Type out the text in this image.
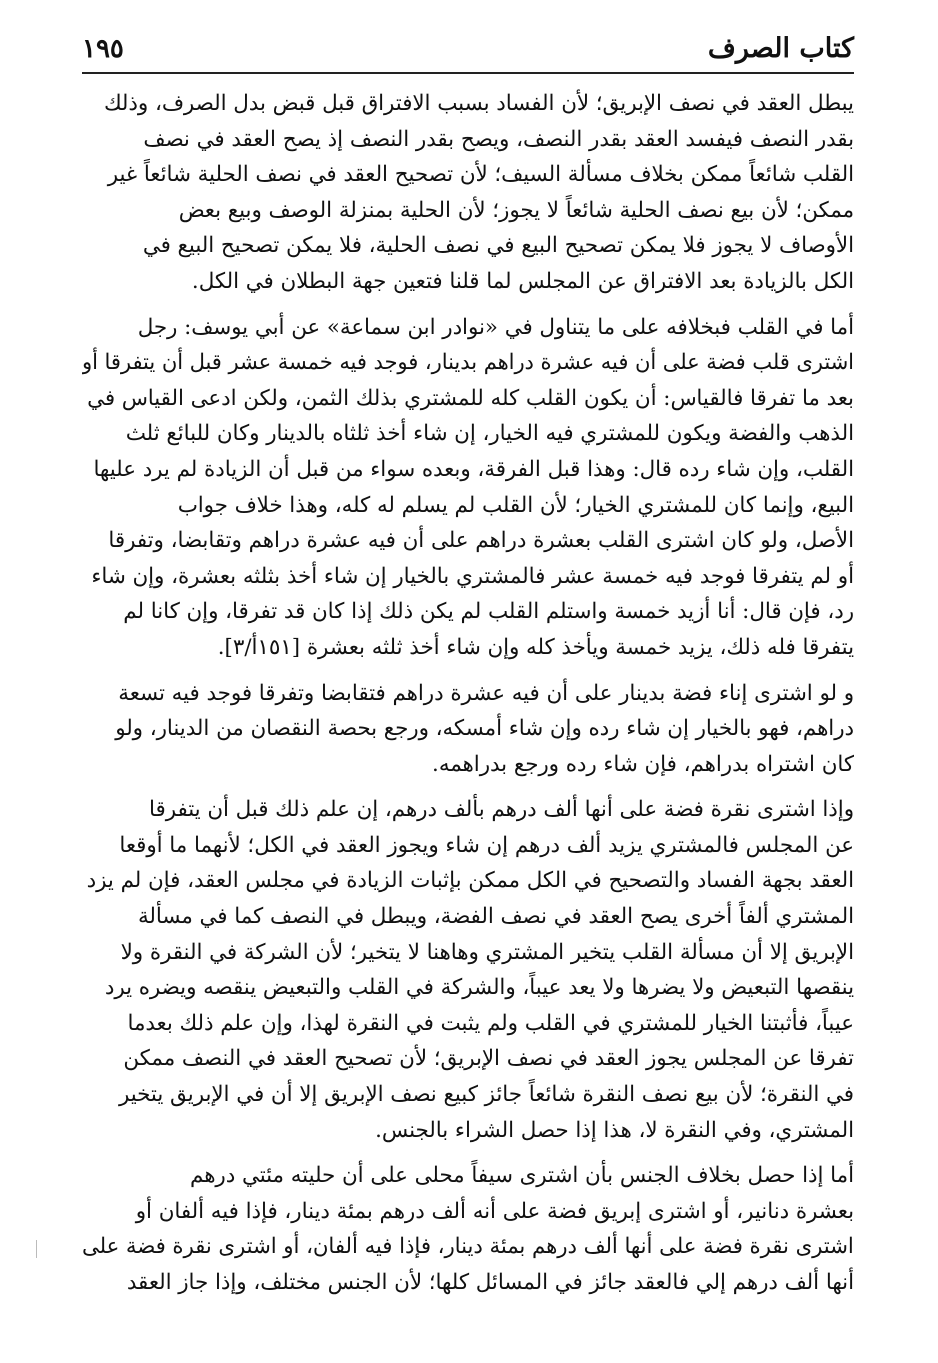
كتاب الصرف
١٩٥
يبطل العقد في نصف الإبريق؛ لأن الفساد بسبب الافتراق قبل قبض بدل الصرف، وذلك
بقدر النصف فيفسد العقد بقدر النصف، ويصح بقدر النصف إذ يصح العقد في نصف
القلب شائعاً ممكن بخلاف مسألة السيف؛ لأن تصحيح العقد في نصف الحلية شائعاً غير
ممكن؛ لأن بيع نصف الحلية شائعاً لا يجوز؛ لأن الحلية بمنزلة الوصف وبيع بعض
الأوصاف لا يجوز فلا يمكن تصحيح البيع في نصف الحلية، فلا يمكن تصحيح البيع في
الكل بالزيادة بعد الافتراق عن المجلس لما قلنا فتعين جهة البطلان في الكل.
أما في القلب فبخلافه على ما يتناول في «نوادر ابن سماعة» عن أبي يوسف: رجل
اشترى قلب فضة على أن فيه عشرة دراهم بدينار، فوجد فيه خمسة عشر قبل أن يتفرقا أو
بعد ما تفرقا فالقياس: أن يكون القلب كله للمشتري بذلك الثمن، ولكن ادعى القياس في
الذهب والفضة ويكون للمشتري فيه الخيار، إن شاء أخذ ثلثاه بالدينار وكان للبائع ثلث
القلب، وإن شاء رده قال: وهذا قبل الفرقة، وبعده سواء من قبل أن الزيادة لم يرد عليها
البيع، وإنما كان للمشتري الخيار؛ لأن القلب لم يسلم له كله، وهذا خلاف جواب
الأصل، ولو كان اشترى القلب بعشرة دراهم على أن فيه عشرة دراهم وتقابضا، وتفرقا
أو لم يتفرقا فوجد فيه خمسة عشر فالمشتري بالخيار إن شاء أخذ بثلثه بعشرة، وإن شاء
رد، فإن قال: أنا أزيد خمسة واستلم القلب لم يكن ذلك إذا كان قد تفرقا، وإن كانا لم
يتفرقا فله ذلك، يزيد خمسة ويأخذ كله وإن شاء أخذ ثلثه بعشرة [١٥١أ/٣].
و لو اشترى إناء فضة بدينار على أن فيه عشرة دراهم فتقابضا وتفرقا فوجد فيه تسعة
دراهم، فهو بالخيار إن شاء رده وإن شاء أمسكه، ورجع بحصة النقصان من الدينار، ولو
كان اشتراه بدراهم، فإن شاء رده ورجع بدراهمه.
وإذا اشترى نقرة فضة على أنها ألف درهم بألف درهم، إن علم ذلك قبل أن يتفرقا
عن المجلس فالمشتري يزيد ألف درهم إن شاء ويجوز العقد في الكل؛ لأنهما ما أوقعا
العقد بجهة الفساد والتصحيح في الكل ممكن بإثبات الزيادة في مجلس العقد، فإن لم يزد
المشتري ألفاً أخرى يصح العقد في نصف الفضة، ويبطل في النصف كما في مسألة
الإبريق إلا أن مسألة القلب يتخير المشتري وهاهنا لا يتخير؛ لأن الشركة في النقرة ولا
ينقصها التبعيض ولا يضرها ولا يعد عيباً، والشركة في القلب والتبعيض ينقصه ويضره يرد
عيباً، فأثبتنا الخيار للمشتري في القلب ولم يثبت في النقرة لهذا، وإن علم ذلك بعدما
تفرقا عن المجلس يجوز العقد في نصف الإبريق؛ لأن تصحيح العقد في النصف ممكن
في النقرة؛ لأن بيع نصف النقرة شائعاً جائز كبيع نصف الإبريق إلا أن في الإبريق يتخير
المشتري، وفي النقرة لا، هذا إذا حصل الشراء بالجنس.
أما إذا حصل بخلاف الجنس بأن اشترى سيفاً محلى على أن حليته مئتي درهم
بعشرة دنانير، أو اشترى إبريق فضة على أنه ألف درهم بمئة دينار، فإذا فيه ألفان أو
اشترى نقرة فضة على أنها ألف درهم بمئة دينار، فإذا فيه ألفان، أو اشترى نقرة فضة على
أنها ألف درهم إلي فالعقد جائز في المسائل كلها؛ لأن الجنس مختلف، وإذا جاز العقد
